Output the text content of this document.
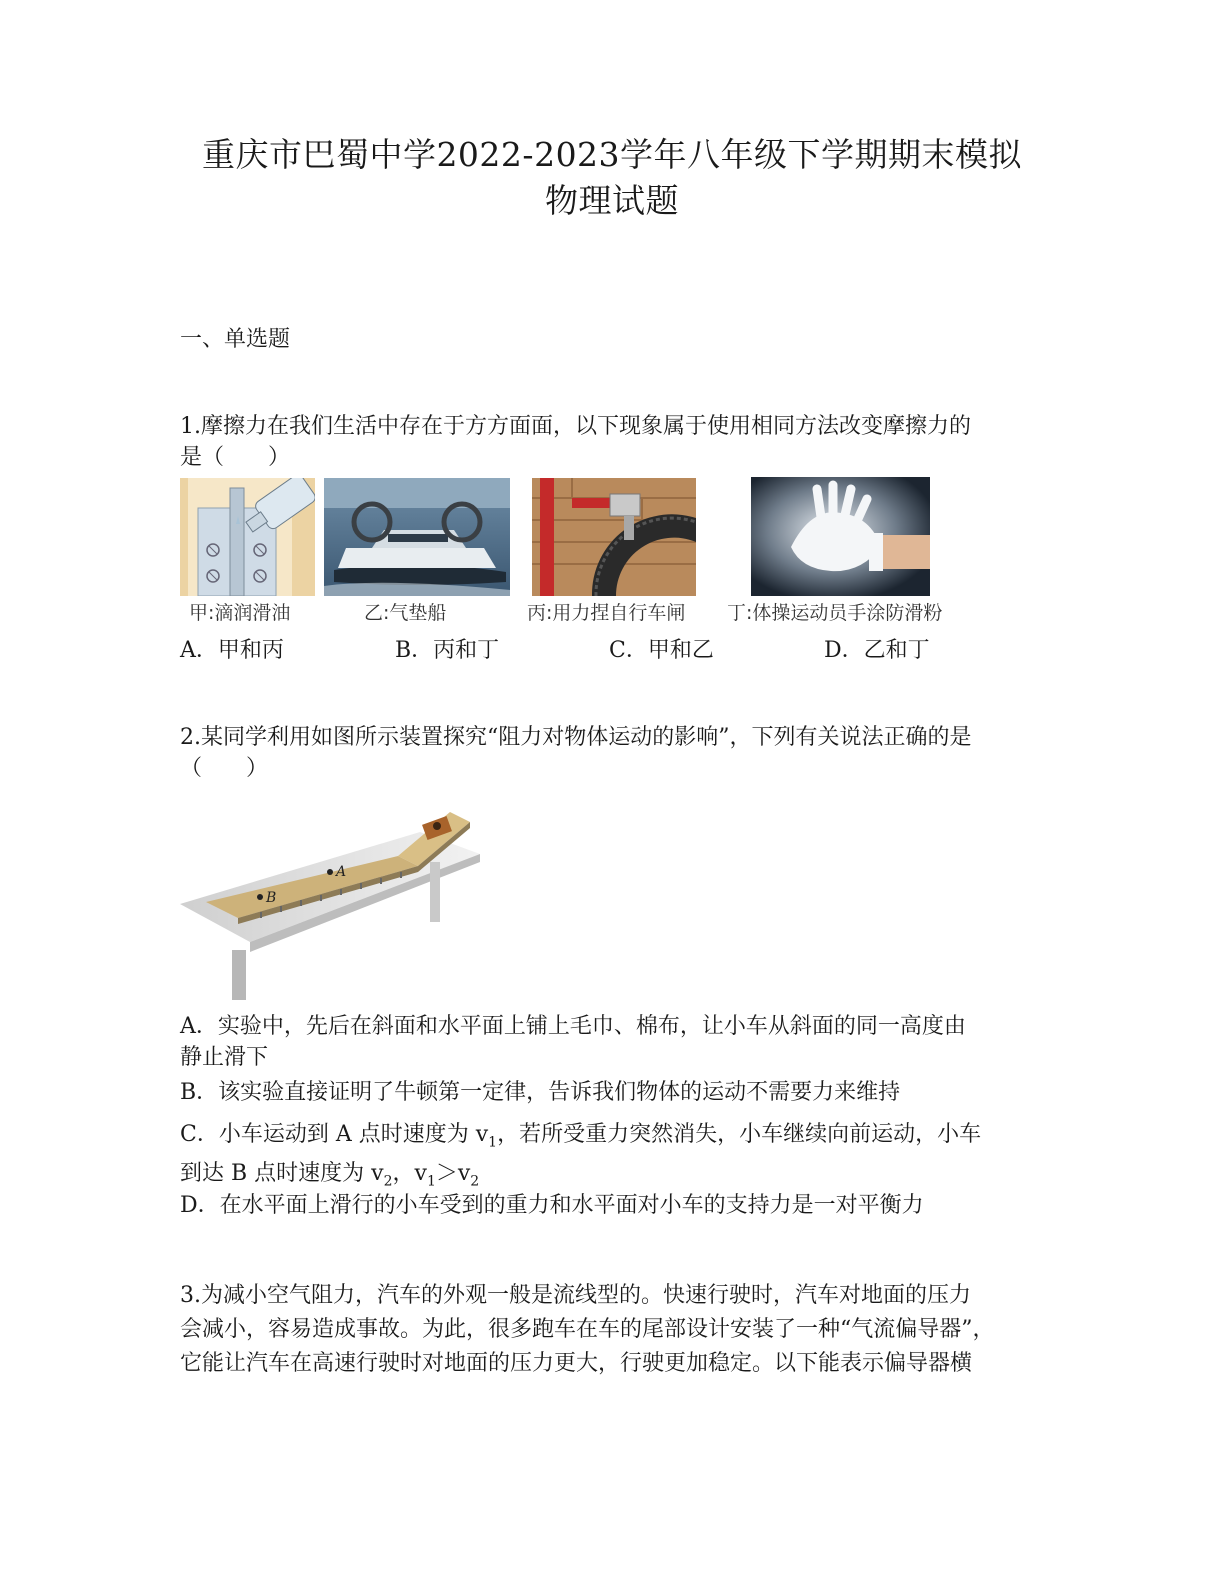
重庆市巴蜀中学2022-2023学年八年级下学期期末模拟
物理试题
一、单选题

1.摩擦力在我们生活中存在于方方面面，以下现象属于使用相同方法改变摩擦力的

是（　　）

甲:滴润滑油	乙:气垫船	丙:用力捏自行车闸 丁:体操运动员手涂防滑粉
A．甲和丙	B．丙和丁	C．甲和乙	D．乙和丁

2.某同学利用如图所示装置探究“阻力对物体运动的影响”，下列有关说法正确的是

（　　）

B
A
A．实验中，先后在斜面和水平面上铺上毛巾、棉布，让小车从斜面的同一高度由
静止滑下
B．该实验直接证明了牛顿第一定律，告诉我们物体的运动不需要力来维持
C．小车运动到 A 点时速度为 $v_1$，若所受重力突然消失，小车继续向前运动，小车
到达 B 点时速度为 $v_2$，$v_1>v_2$
D．在水平面上滑行的小车受到的重力和水平面对小车的支持力是一对平衡力

3.为减小空气阻力，汽车的外观一般是流线型的。快速行驶时，汽车对地面的压力

会减小，容易造成事故。为此，很多跑车在车的尾部设计安装了一种“气流偏导器”，

它能让汽车在高速行驶时对地面的压力更大，行驶更加稳定。以下能表示偏导器横
